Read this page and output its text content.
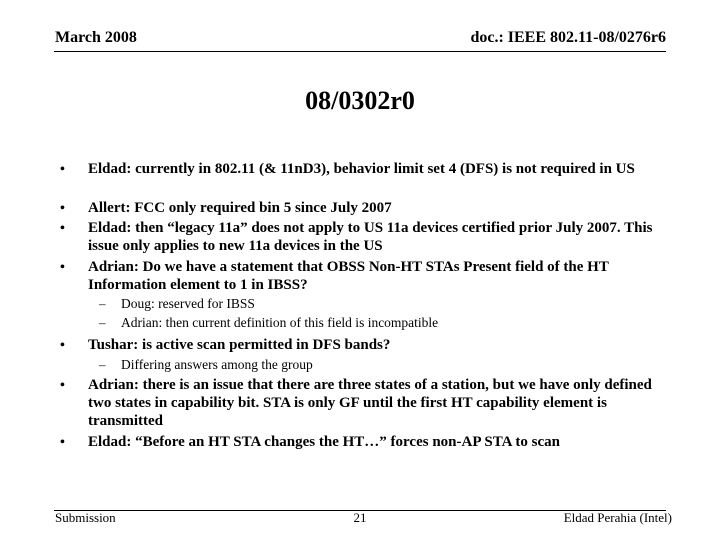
March 2008	doc.: IEEE 802.11-08/0276r6
08/0302r0
• Eldad: currently in 802.11 (& 11nD3), behavior limit set 4 (DFS) is not required in US
• Allert: FCC only required bin 5 since July 2007
• Eldad: then “legacy 11a” does not apply to US 11a devices certified prior July 2007. This issue only applies to new 11a devices in the US
• Adrian: Do we have a statement that OBSS Non-HT STAs Present field of the HT Information element to 1 in IBSS?
– Doug: reserved for IBSS
– Adrian: then current definition of this field is incompatible
• Tushar: is active scan permitted in DFS bands?
– Differing answers among the group
• Adrian: there is an issue that there are three states of a station, but we have only defined two states in capability bit. STA is only GF until the first HT capability element is transmitted
• Eldad: “Before an HT STA changes the HT…” forces non-AP STA to scan
Submission	21	Eldad Perahia (Intel)
